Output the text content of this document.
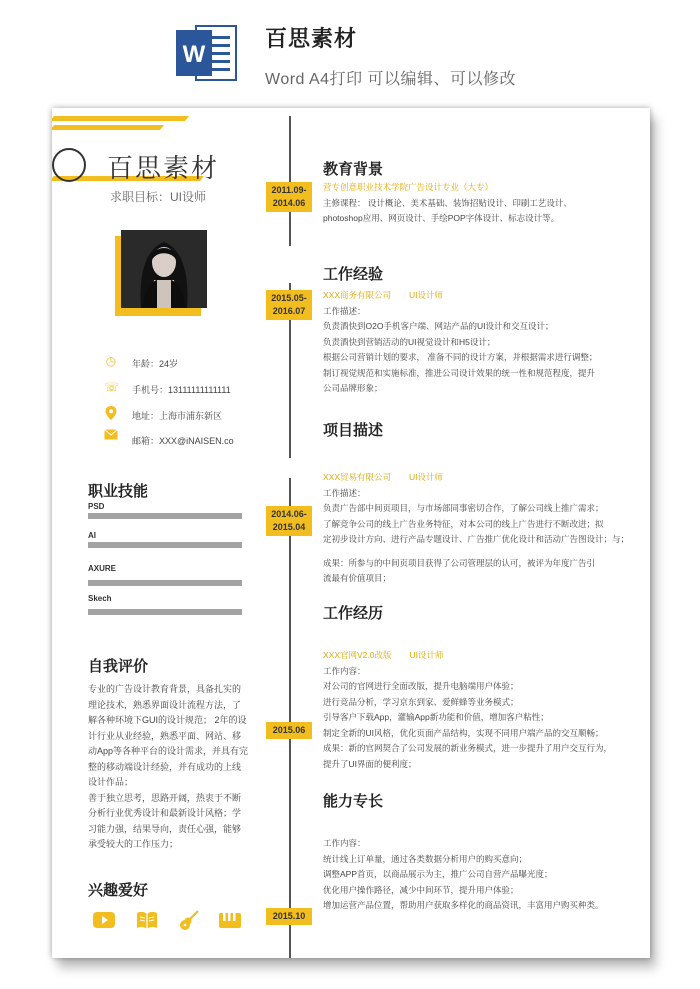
W
百思素材
Word A4打印 可以编辑、可以修改
百思素材
求职目标：UI设师
◷ 年龄：24岁
☏ 手机号：13111111111111
地址：上海市浦东新区
邮箱：XXX@iNAISEN.co
职业技能
PSD
AI
AXURE
Skech
自我评价

专业的广告设计教育背景，具备扎实的

理论技术，熟悉界面设计流程方法，了

解各种环境下GUI的设计规范； 2年的设

计行业从业经验，熟悉平面、网站、移

动App等各种平台的设计需求，并具有完

整的移动端设计经验，并有成功的上线

设计作品；

善于独立思考，思路开阔，热衷于不断

分析行业优秀设计和最新设计风格；学

习能力强，结果导向，责任心强，能够

承受较大的工作压力；

兴趣爱好
2011.09-
2014.06
教育背景

营专创意职业技术学院广告设计专业（大专）

主修课程： 设计概论、美术基础、装饰招贴设计、印刷工艺设计、

photoshop应用、网页设计、手绘POP字体设计、标志设计等。

2015.05-
2016.07
工作经验

XXX商务有限公司 UI设计师

工作描述：

负责酒快到O2O手机客户端、网站产品的UI设计和交互设计；

负责酒快到营销活动的UI视觉设计和H5设计；

根据公司营销计划的要求， 准备不同的设计方案，并根据需求进行调整；

制订视觉规范和实施标准，推进公司设计效果的统一性和规范程度，提升

公司品牌形象；

项目描述
2014.06-
2015.04

XXX贸易有限公司 UI设计师

工作描述：

负责广告部中间页项目，与市场部同事密切合作，了解公司线上推广需求；

了解竞争公司的线上广告业务特征，对本公司的线上广告进行不断改进；拟

定初步设计方向、进行产品专题设计、广告推广优化设计和活动广告图设计；与；

成果：所参与的中间页项目获得了公司管理层的认可，被评为年度广告引

流最有价值项目；

工作经历
2015.06

XXX官网V2.0改版 UI设计师

工作内容：

对公司的官网进行全面改版，提升电脑端用户体验；

进行竞品分析，学习京东到家、爱鲜蜂等业务模式；

引导客户下载App，灌输App新功能和价值，增加客户粘性；

制定全新的UI风格，优化页面产品结构，实现不同用户端产品的交互顺畅；

成果：新的官网契合了公司发展的新业务模式，进一步提升了用户交互行为，

提升了UI界面的便利度；

能力专长
2015.10

工作内容：

统计线上订单量，通过各类数据分析用户的购买意向；

调整APP首页，以商品展示为主，推广公司自营产品曝光度；

优化用户操作路径，减少中间环节，提升用户体验；

增加运营产品位置，帮助用户获取多样化的商品资讯，丰富用户购买种类。
